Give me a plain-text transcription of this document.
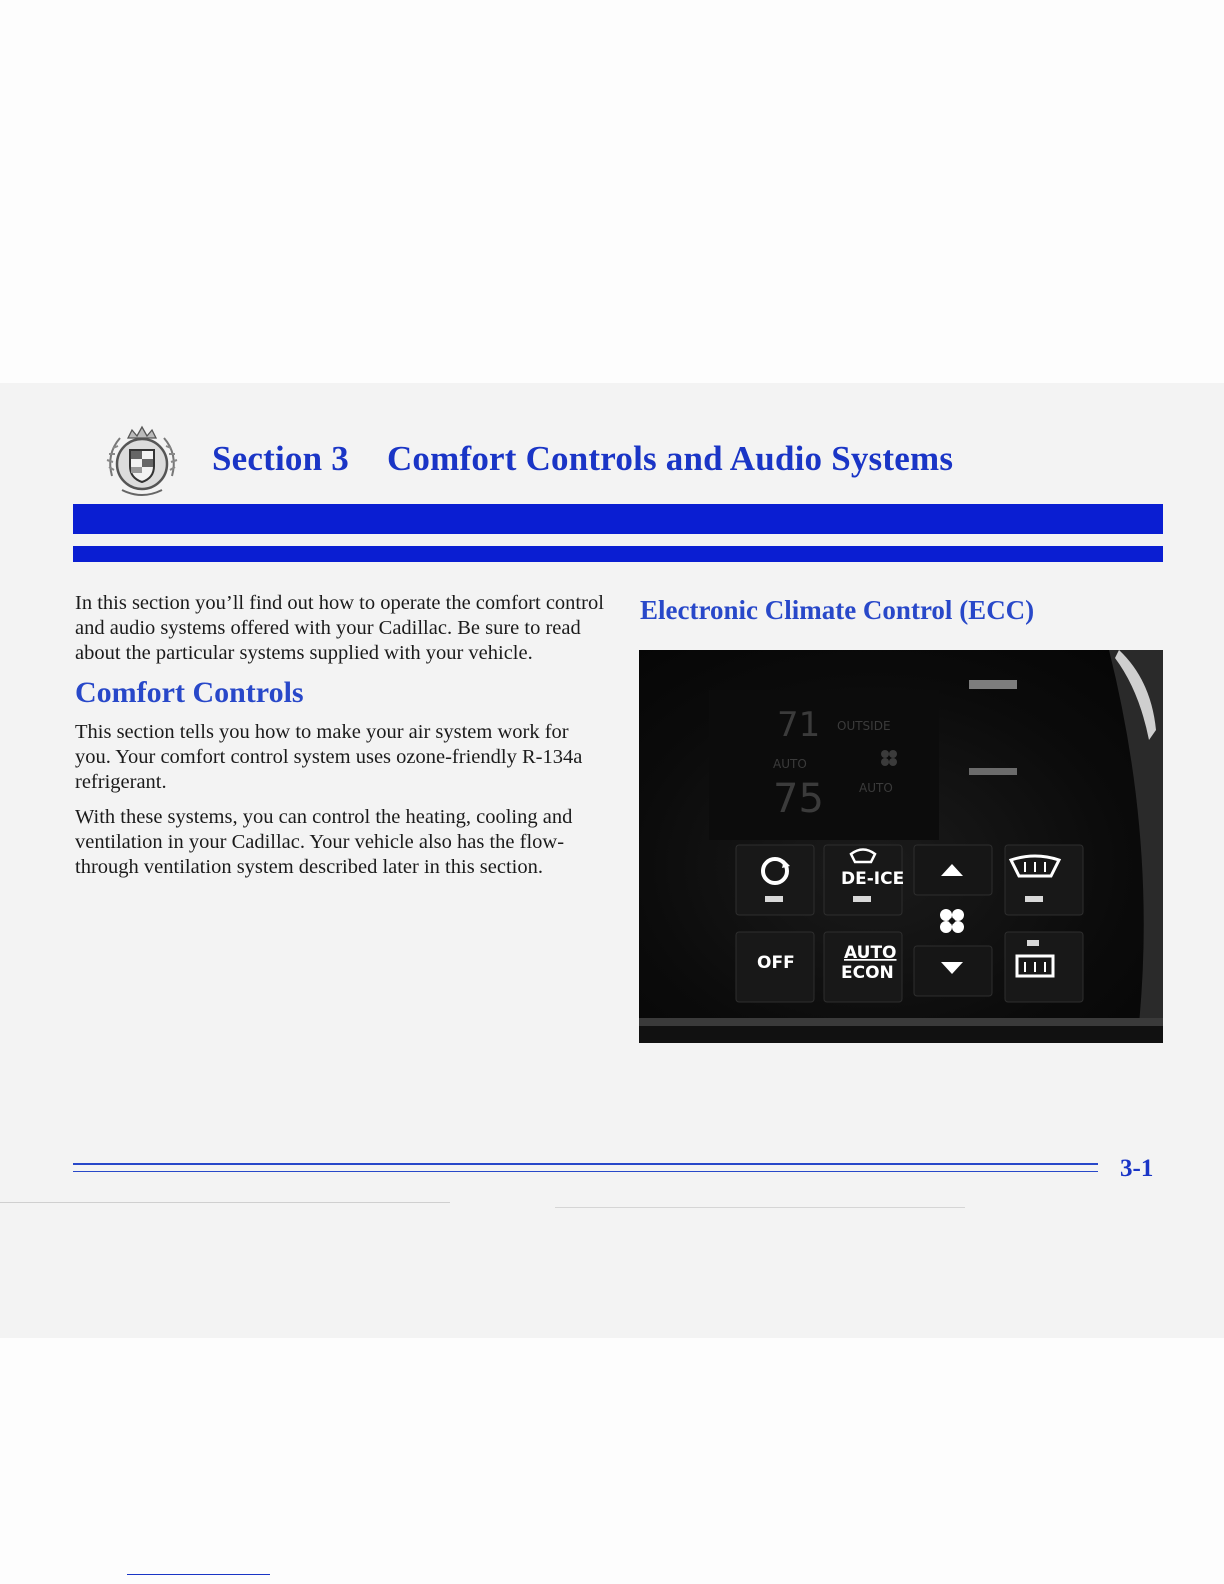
Section 3 Comfort Controls and Audio Systems

In this section you’ll find out how to operate the comfort control and audio systems offered with your Cadillac. Be sure to read about the particular systems supplied with your vehicle.

Comfort Controls

This section tells you how to make your air system work for you. Your comfort control system uses ozone-friendly R-134a refrigerant.

With these systems, you can control the heating, cooling and ventilation in your Cadillac. Your vehicle also has the flow-through ventilation system described later in this section.

Electronic Climate Control (ECC)
71 OUTSIDE
AUTO
75	AUTO
DE-ICE
OFF	AUTO
ECON
3-1
